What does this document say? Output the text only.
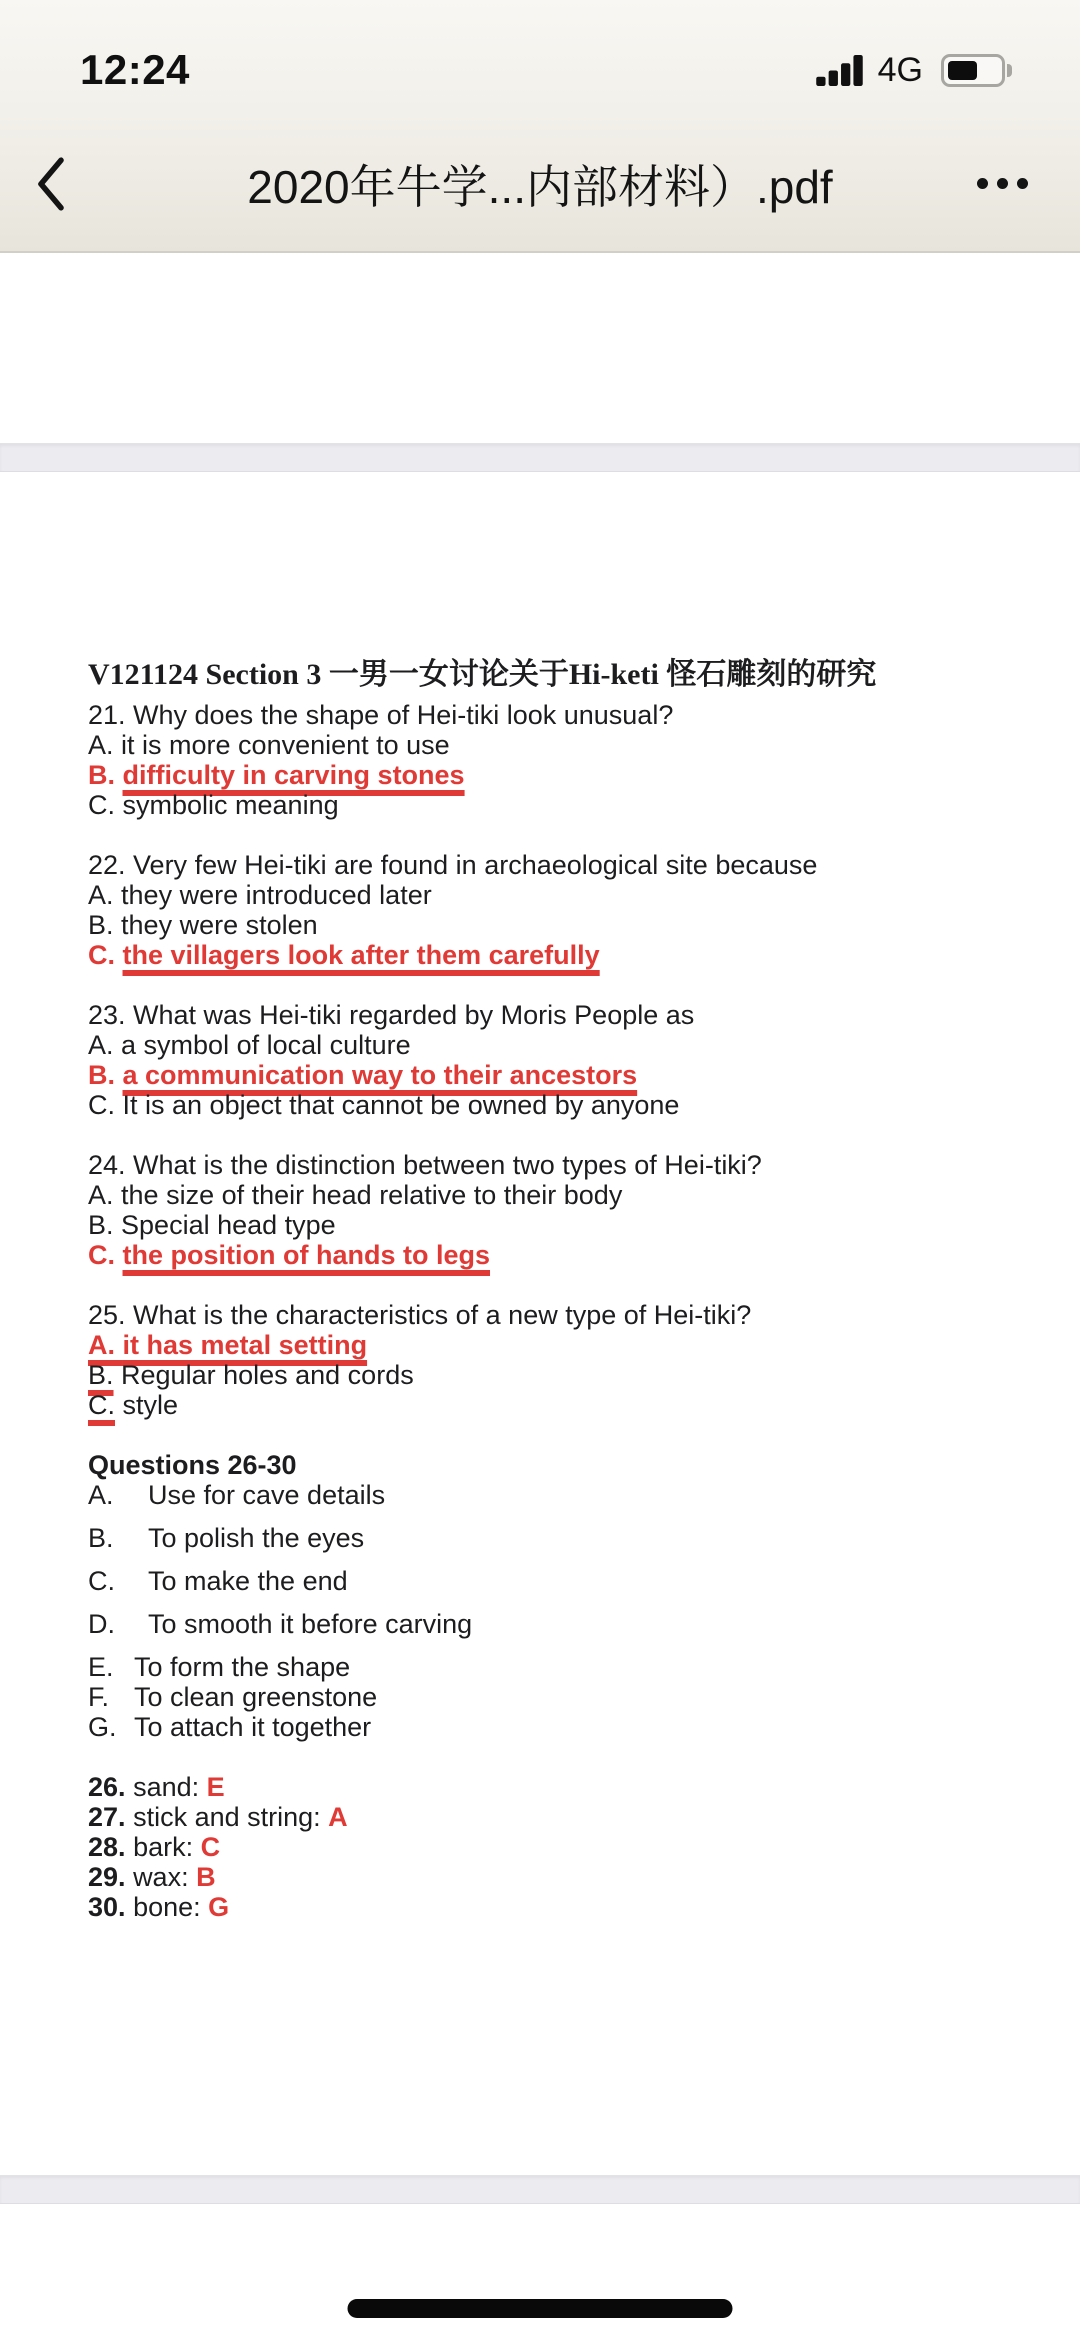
12:24	4G
2020年牛学...内部材料）.pdf
V121124 Section 3 一男一女讨论关于Hi-keti 怪石雕刻的研究
21. Why does the shape of Hei-tiki look unusual?
A. it is more convenient to use
B. difficulty in carving stones
C. symbolic meaning
22. Very few Hei-tiki are found in archaeological site because
A. they were introduced later
B. they were stolen
C. the villagers look after them carefully
23. What was Hei-tiki regarded by Moris People as
A. a symbol of local culture
B. a communication way to their ancestors
C. It is an object that cannot be owned by anyone
24. What is the distinction between two types of Hei-tiki?
A. the size of their head relative to their body
B. Special head type
C. the position of hands to legs
25. What is the characteristics of a new type of Hei-tiki?
A. it has metal setting
B. Regular holes and cords
C. style
Questions 26-30
A. Use for cave details
B. To polish the eyes
C. To make the end
D. To smooth it before carving
E. To form the shape
F. To clean greenstone
G. To attach it together
26. sand: E
27. stick and string: A
28. bark: C
29. wax: B
30. bone: G
